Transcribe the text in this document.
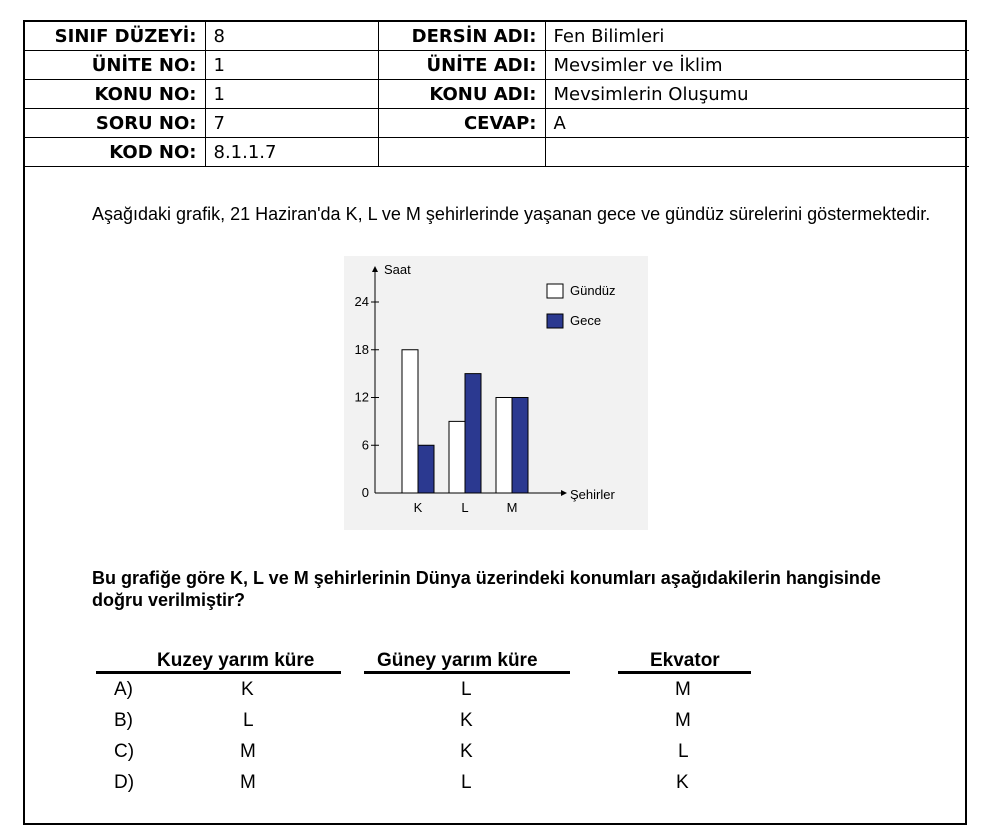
SINIF DÜZEYİ:	8	DERSİN ADI:	Fen Bilimleri
ÜNİTE NO:	1	ÜNİTE ADI:	Mevsimler ve İklim
KONU NO:	1	KONU ADI:	Mevsimlerin Oluşumu
SORU NO:	7	CEVAP:	A
KOD NO:	8.1.1.7		
Aşağıdaki grafik, 21 Haziran'da K, L ve M şehirlerinde yaşanan gece ve gündüz sürelerini göstermektedir.
Saat
Şehirler
0
6
12
18
24
K	L	M
Gündüz
Gece
Bu grafiğe göre K, L ve M şehirlerinin Dünya üzerindeki konumları aşağıdakilerin hangisinde doğru verilmiştir?
Kuzey yarım küre	Güney yarım küre	Ekvator
A)	K	L	M
B)	L	K	M
C)	M	K	L
D)	M	L	K
